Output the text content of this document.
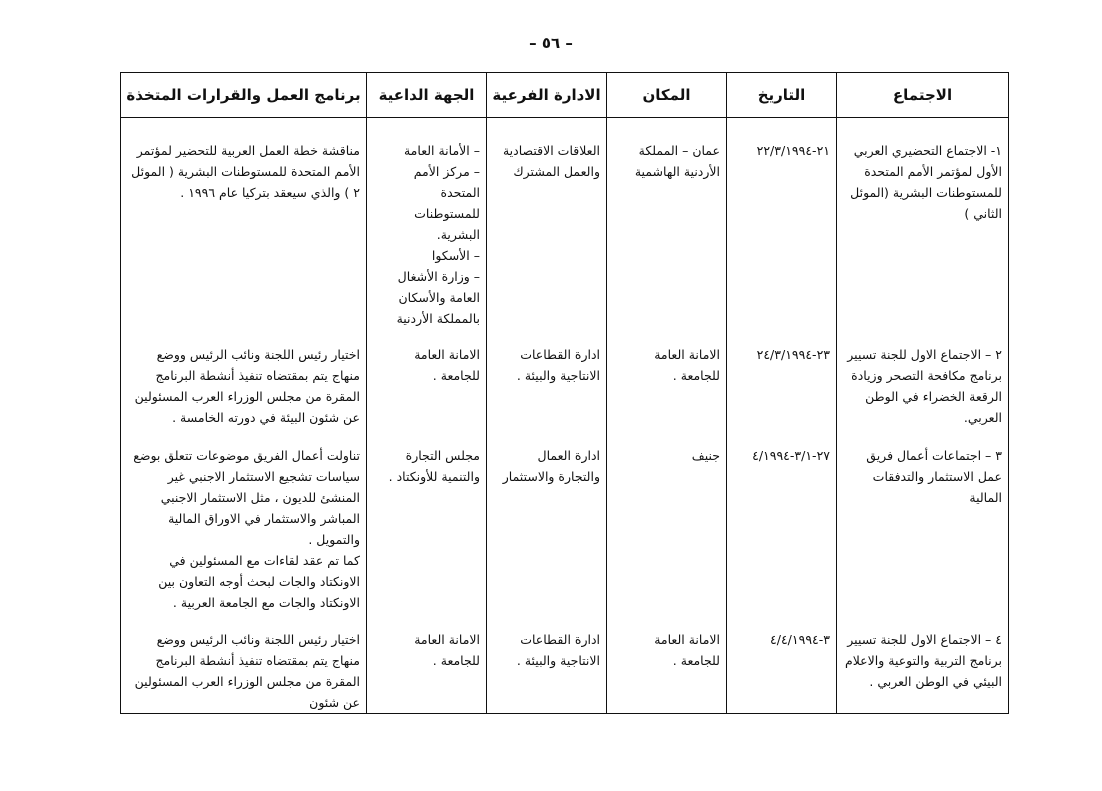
– ٥٦ –
الاجتماع	التاريخ	المكان	الادارة الفرعية	الجهة الداعية	برنامج العمل والقرارات المتخذة
١- الاجتماع التحضيري العربي الأول لمؤتمر الأمم المتحدة للمستوطنات البشرية (الموئل الثاني )	٢١-٢٢/٣/١٩٩٤	عمان – المملكة الأردنية الهاشمية	العلاقات الاقتصادية والعمل المشترك	– الأمانة العامة
– مركز الأمم المتحدة للمستوطنات البشرية.
– الأسكوا
– وزارة الأشغال العامة والأسكان بالمملكة الأردنية	مناقشة خطة العمل العربية للتحضير لمؤتمر الأمم المتحدة للمستوطنات البشرية ( الموئل ٢ ) والذي سيعقد بتركيا عام ١٩٩٦ .
٢ – الاجتماع الاول للجنة تسيير برنامج مكافحة التصحر وزيادة الرقعة الخضراء في الوطن العربي.	٢٣-٢٤/٣/١٩٩٤	الامانة العامة للجامعة .	ادارة القطاعات الانتاجية والبيئة .	الامانة العامة للجامعة .	اختيار رئيس اللجنة ونائب الرئيس ووضع منهاج يتم بمقتضاه تنفيذ أنشطة البرنامج المقرة من مجلس الوزراء العرب المسئولين عن شئون البيئة في دورته الخامسة .
٣ – اجتماعات أعمال فريق عمل الاستثمار والتدفقات المالية	٢٧-٣/١-٤/١٩٩٤	جنيف	ادارة العمال والتجارة والاستثمار	مجلس التجارة والتنمية للأونكتاد .	تناولت أعمال الفريق موضوعات تتعلق بوضع سياسات تشجيع الاستثمار الاجنبي غير المنشئ للديون ، مثل الاستثمار الاجنبي المباشر والاستثمار في الاوراق المالية والتمويل .
كما تم عقد لقاءات مع المسئولين في الاونكتاد والجات لبحث أوجه التعاون بين الاونكتاد والجات مع الجامعة العربية .
٤ – الاجتماع الاول للجنة تسيير برنامج التربية والتوعية والاعلام البيئي في الوطن العربي .	٣-٤/٤/١٩٩٤	الامانة العامة للجامعة .	ادارة القطاعات الانتاجية والبيئة .	الامانة العامة للجامعة .	اختيار رئيس اللجنة ونائب الرئيس ووضع منهاج يتم بمقتضاه تنفيذ أنشطة البرنامج المقرة من مجلس الوزراء العرب المسئولين عن شئون
